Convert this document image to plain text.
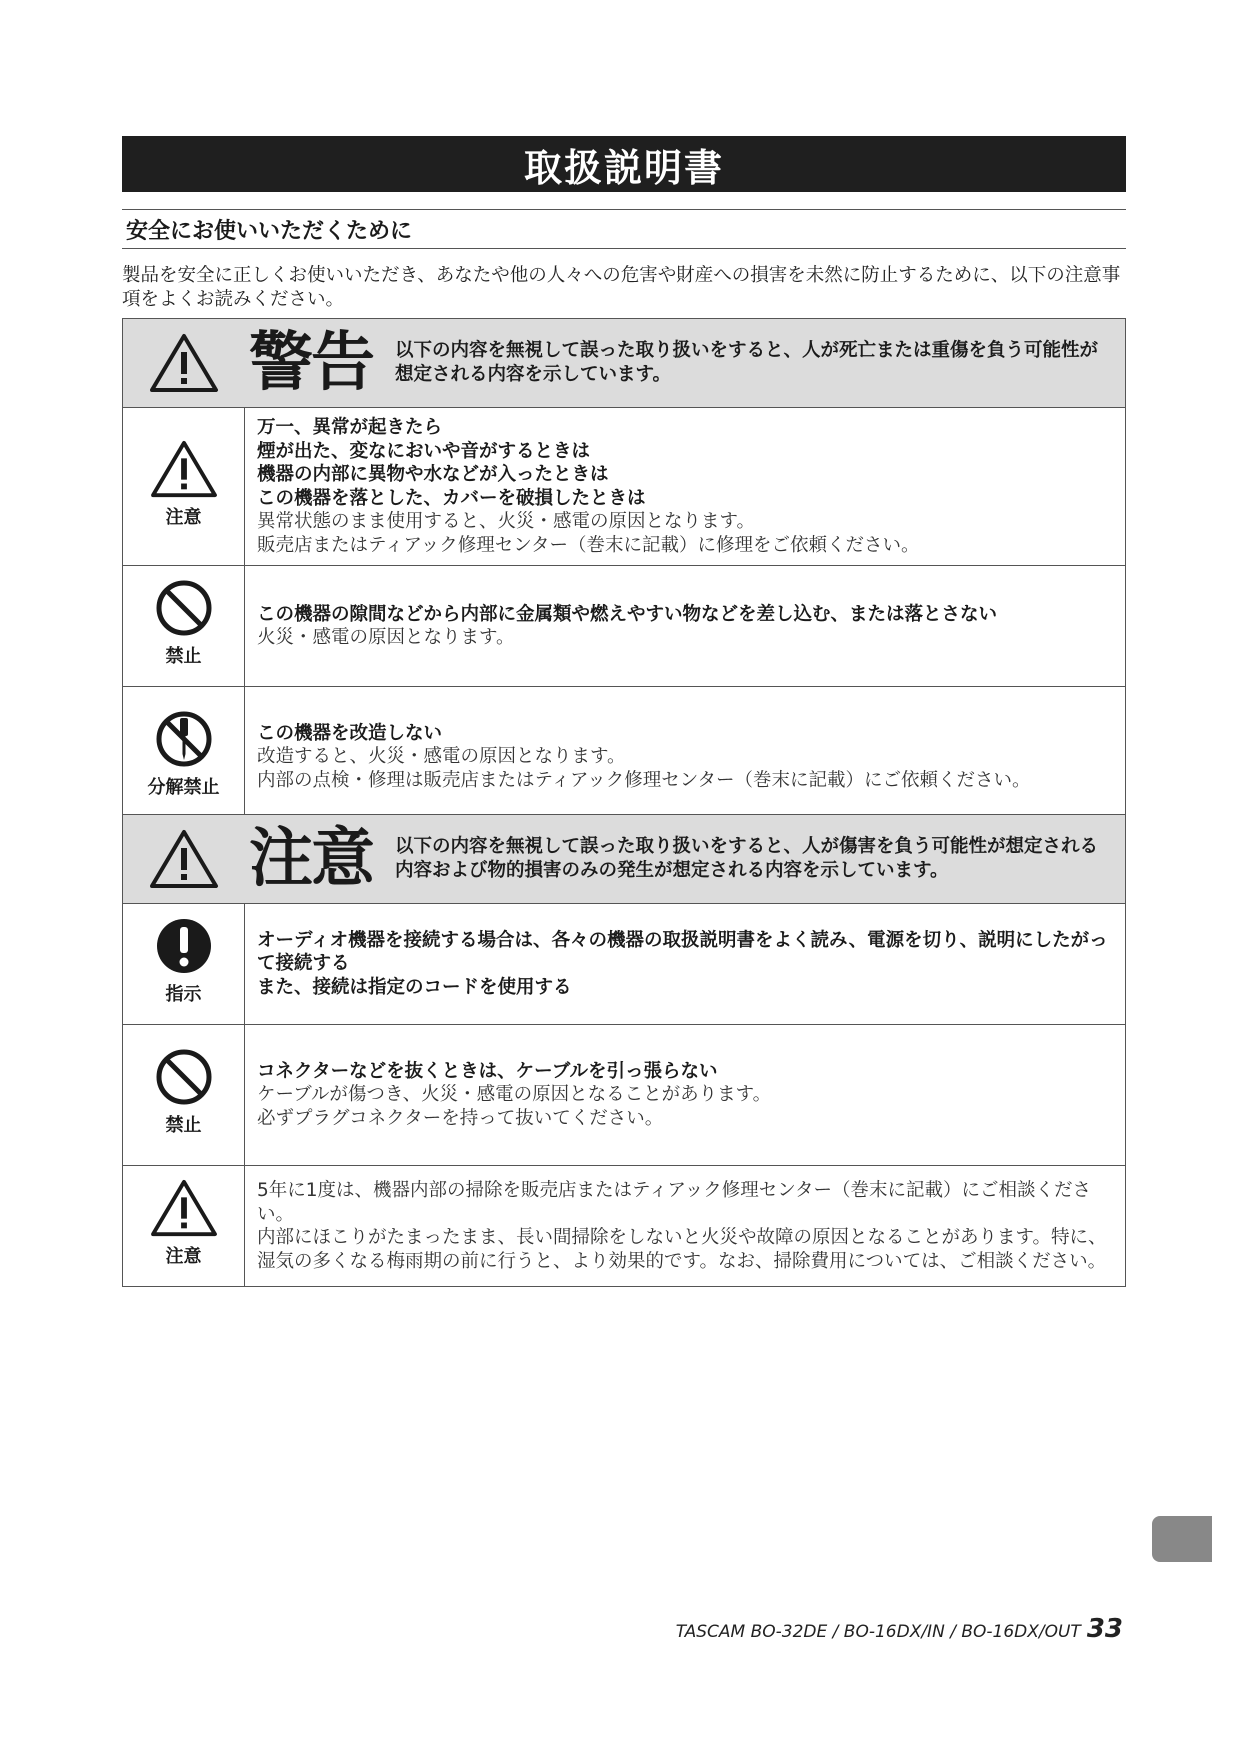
取扱説明書
安全にお使いいただくために
製品を安全に正しくお使いいただき、あなたや他の人々への危害や財産への損害を未然に防止するために、以下の注意事項をよくお読みください。
警告	以下の内容を無視して誤った取り扱いをすると、人が死亡または重傷を負う可能性が想定される内容を示しています。
注意
万一、異常が起きたら
煙が出た、変なにおいや音がするときは
機器の内部に異物や水などが入ったときは
この機器を落とした、カバーを破損したときは
異常状態のまま使用すると、火災・感電の原因となります。
販売店またはティアック修理センター（巻末に記載）に修理をご依頼ください。
禁止
この機器の隙間などから内部に金属類や燃えやすい物などを差し込む、または落とさない
火災・感電の原因となります。
分解禁止
この機器を改造しない
改造すると、火災・感電の原因となります。
内部の点検・修理は販売店またはティアック修理センター（巻末に記載）にご依頼ください。
注意	以下の内容を無視して誤った取り扱いをすると、人が傷害を負う可能性が想定される内容および物的損害のみの発生が想定される内容を示しています。
指示
オーディオ機器を接続する場合は、各々の機器の取扱説明書をよく読み、電源を切り、説明にしたがって接続する
また、接続は指定のコードを使用する
禁止
コネクターなどを抜くときは、ケーブルを引っ張らない
ケーブルが傷つき、火災・感電の原因となることがあります。
必ずプラグコネクターを持って抜いてください。
注意
5年に1度は、機器内部の掃除を販売店またはティアック修理センター（巻末に記載）にご相談ください。
内部にほこりがたまったまま、長い間掃除をしないと火災や故障の原因となることがあります。特に、湿気の多くなる梅雨期の前に行うと、より効果的です。なお、掃除費用については、ご相談ください。
TASCAM BO-32DE / BO-16DX/IN / BO-16DX/OUT 33
